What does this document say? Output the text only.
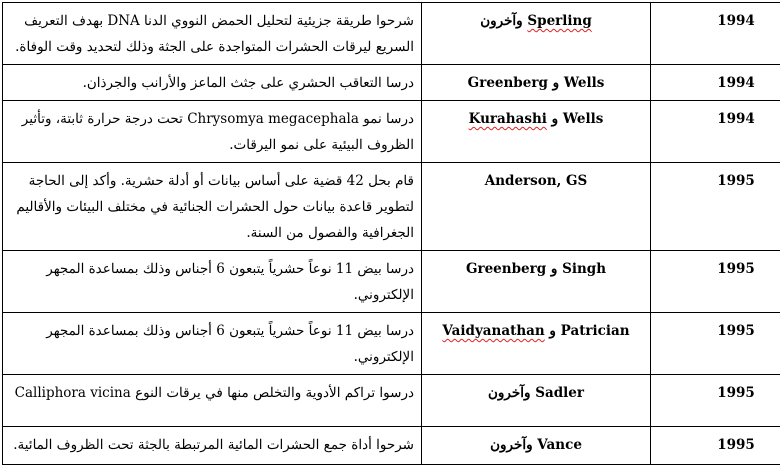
شرحوا طريقة جزيئية لتحليل الحمض النووي الدنا DNA بهدف التعريف السريع ليرقات الحشرات المتواجدة على الجثة وذلك لتحديد وقت الوفاة.	Sperling وآخرون	1994
درسا التعاقب الحشري على جثث الماعز والأرانب والجرذان.	Wells و Greenberg	1994
درسا نمو Chrysomya megacephala تحت درجة حرارة ثابتة، وتأثير الظروف البيئية على نمو اليرقات.	Wells و Kurahashi	1994
قام بحل 42 قضية على أساس بيانات أو أدلة حشرية. وأكد إلى الحاجة لتطوير قاعدة بيانات حول الحشرات الجنائية في مختلف البيئات والأقاليم الجغرافية والفصول من السنة.	Anderson, GS	1995
درسا بيض 11 نوعاً حشرياً يتبعون 6 أجناس وذلك بمساعدة المجهر الإلكتروني.	Singh و Greenberg	1995
درسا بيض 11 نوعاً حشرياً يتبعون 6 أجناس وذلك بمساعدة المجهر الإلكتروني.	Patrician و Vaidyanathan	1995
درسوا تراكم الأدوية والتخلص منها في يرقات النوع Calliphora vicina	Sadler وآخرون	1995
شرحوا أداة جمع الحشرات المائية المرتبطة بالجثة تحت الظروف المائية.	Vance وآخرون	1995
